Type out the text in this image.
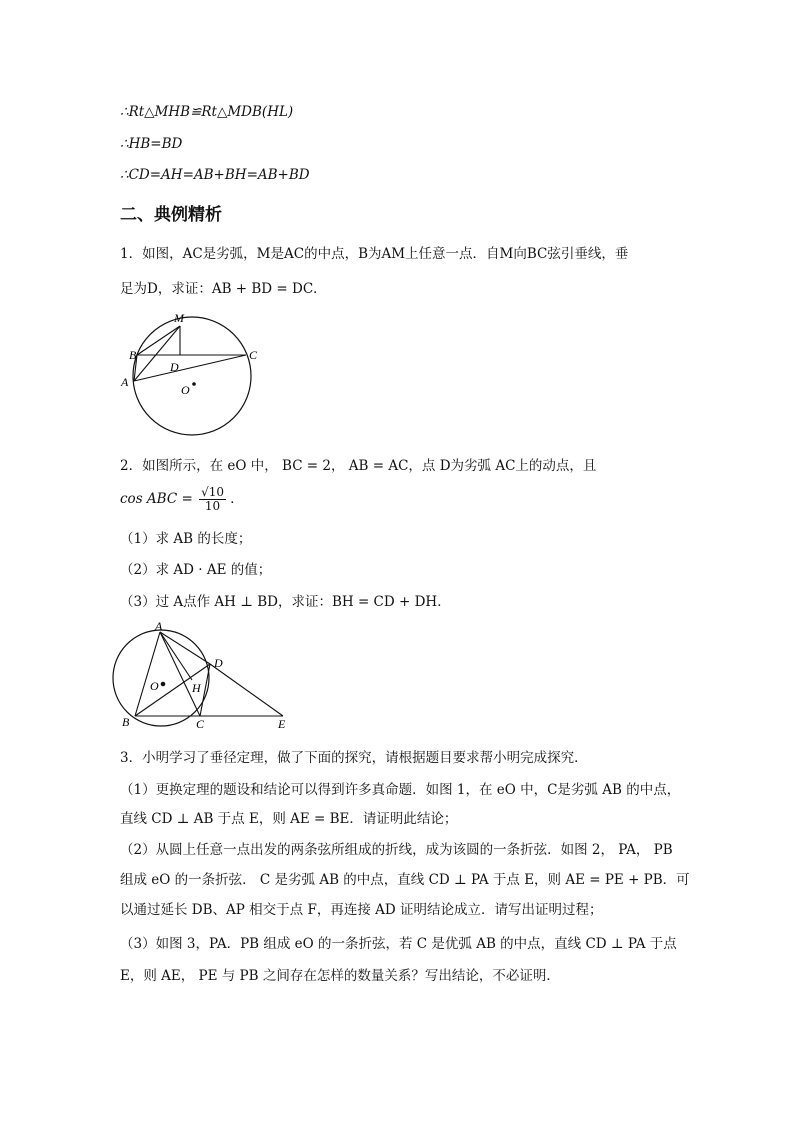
∴Rt△MHB≌Rt△MDB(HL)
∴HB=BD
∴CD=AH=AB+BH=AB+BD
二、典例精析
1．如图，AC是劣弧，M是AC的中点，B为AM上任意一点．自M向BC弦引垂线，垂
足为D，求证：AB + BD = DC．
M
B	C
D
A
O
2．如图所示，在 eO 中， BC = 2， AB = AC，点 D为劣弧 AC上的动点，且
cos ABC = $\frac{√10}{10}$ ．
（1）求 AB 的长度；
（2）求 AD · AE 的值；
（3）过 A点作 AH ⊥ BD，求证：BH = CD + DH．
A
D
O	H
B	C	E
3．小明学习了垂径定理，做了下面的探究，请根据题目要求帮小明完成探究．
（1）更换定理的题设和结论可以得到许多真命题．如图 1，在 eO 中，C是劣弧 AB 的中点，
直线 CD ⊥ AB 于点 E，则 AE = BE．请证明此结论；
（2）从圆上任意一点出发的两条弦所组成的折线，成为该圆的一条折弦．如图 2， PA， PB
组成 eO 的一条折弦． C 是劣弧 AB 的中点，直线 CD ⊥ PA 于点 E，则 AE = PE + PB．可
以通过延长 DB、AP 相交于点 F，再连接 AD 证明结论成立．请写出证明过程；
（3）如图 3，PA．PB 组成 eO 的一条折弦，若 C 是优弧 AB 的中点，直线 CD ⊥ PA 于点
E，则 AE， PE 与 PB 之间存在怎样的数量关系？写出结论，不必证明．
